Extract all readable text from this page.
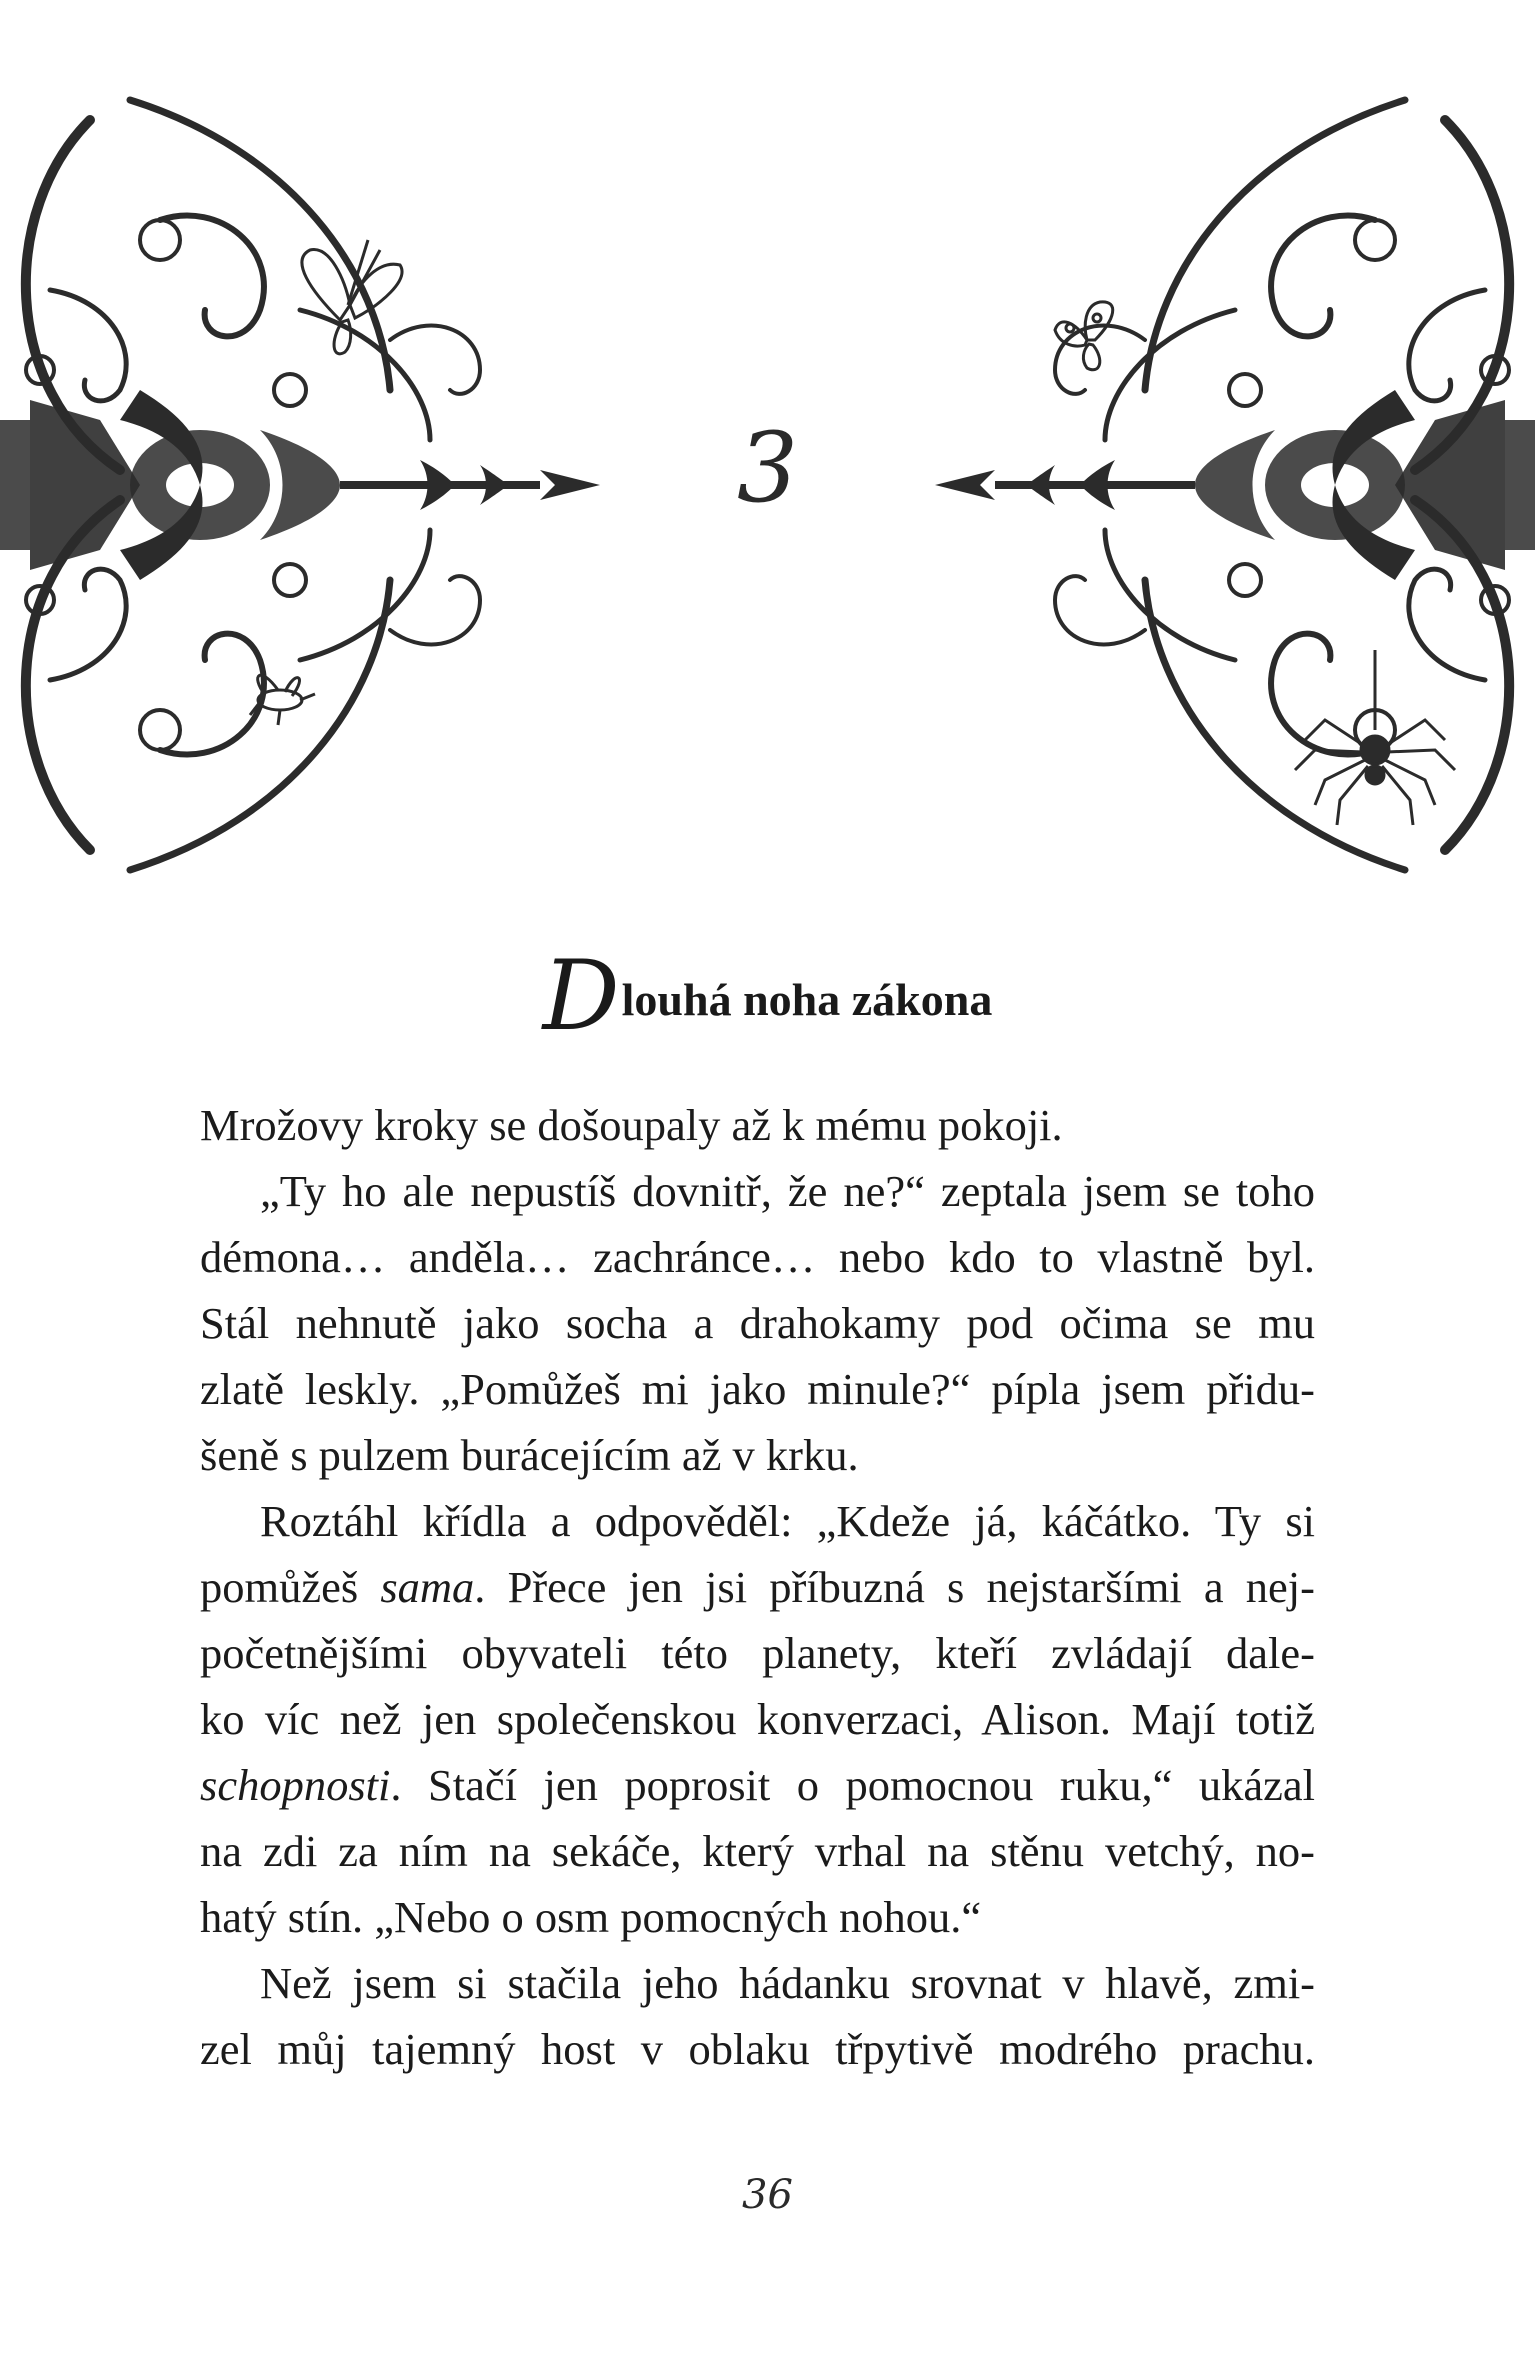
3
Dlouhá noha zákona

Mrožovy kroky se došoupaly až k mému pokoji.

„Ty ho ale nepustíš dovnitř, že ne?“ zeptala jsem se toho
démona… anděla… zachránce… nebo kdo to vlastně byl.
Stál nehnutě jako socha a drahokamy pod očima se mu
zlatě leskly. „Pomůžeš mi jako minule?“ pípla jsem přidu-
šeně s pulzem burácejícím až v krku.

Roztáhl křídla a odpověděl: „Kdeže já, káčátko. Ty si
pomůžeš sama. Přece jen jsi příbuzná s nejstaršími a nej-
početnějšími obyvateli této planety, kteří zvládají dale-
ko víc než jen společenskou konverzaci, Alison. Mají totiž
schopnosti. Stačí jen poprosit o pomocnou ruku,“ ukázal
na zdi za ním na sekáče, který vrhal na stěnu vetchý, no-
hatý stín. „Nebo o osm pomocných nohou.“

Než jsem si stačila jeho hádanku srovnat v hlavě, zmi-
zel můj tajemný host v oblaku třpytivě modrého prachu.

36
